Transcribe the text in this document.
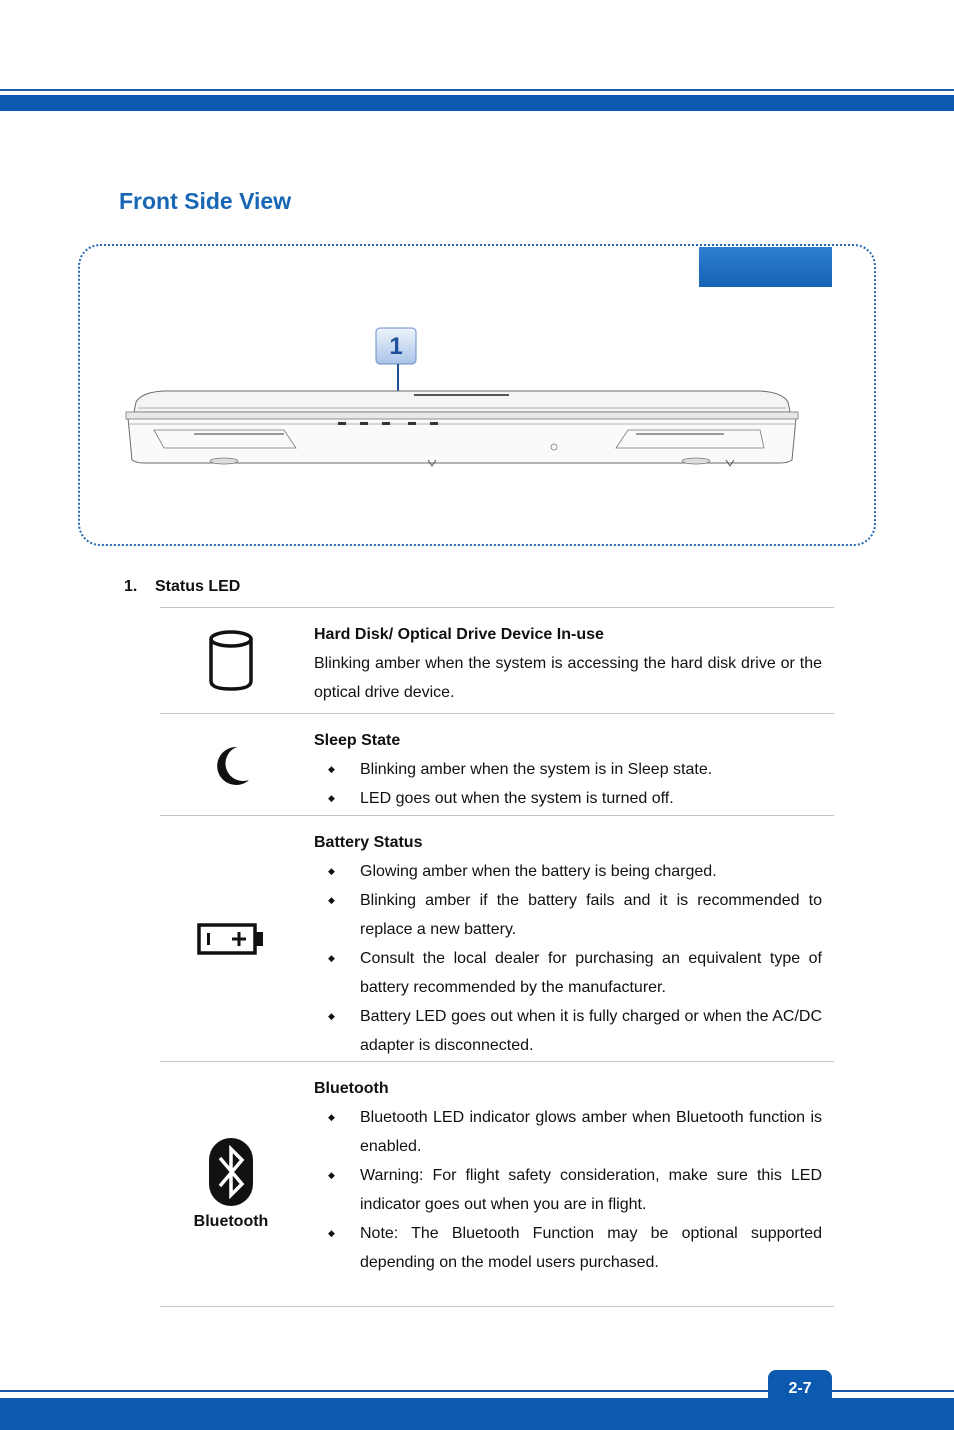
Front Side View
1
1. Status LED
Hard Disk/ Optical Drive Device In-use
Blinking amber when the system is accessing the hard disk drive or the optical drive device.
Sleep State
◆ Blinking amber when the system is in Sleep state.
◆ LED goes out when the system is turned off.
Battery Status
◆ Glowing amber when the battery is being charged.
◆ Blinking amber if the battery fails and it is recommended to replace a new battery.
◆ Consult the local dealer for purchasing an equivalent type of battery recommended by the manufacturer.
◆ Battery LED goes out when it is fully charged or when the AC/DC adapter is disconnected.
Bluetooth
Bluetooth
◆ Bluetooth LED indicator glows amber when Bluetooth function is enabled.
◆ Warning: For flight safety consideration, make sure this LED indicator goes out when you are in flight.
◆ Note: The Bluetooth Function may be optional supported depending on the model users purchased.
2-7
